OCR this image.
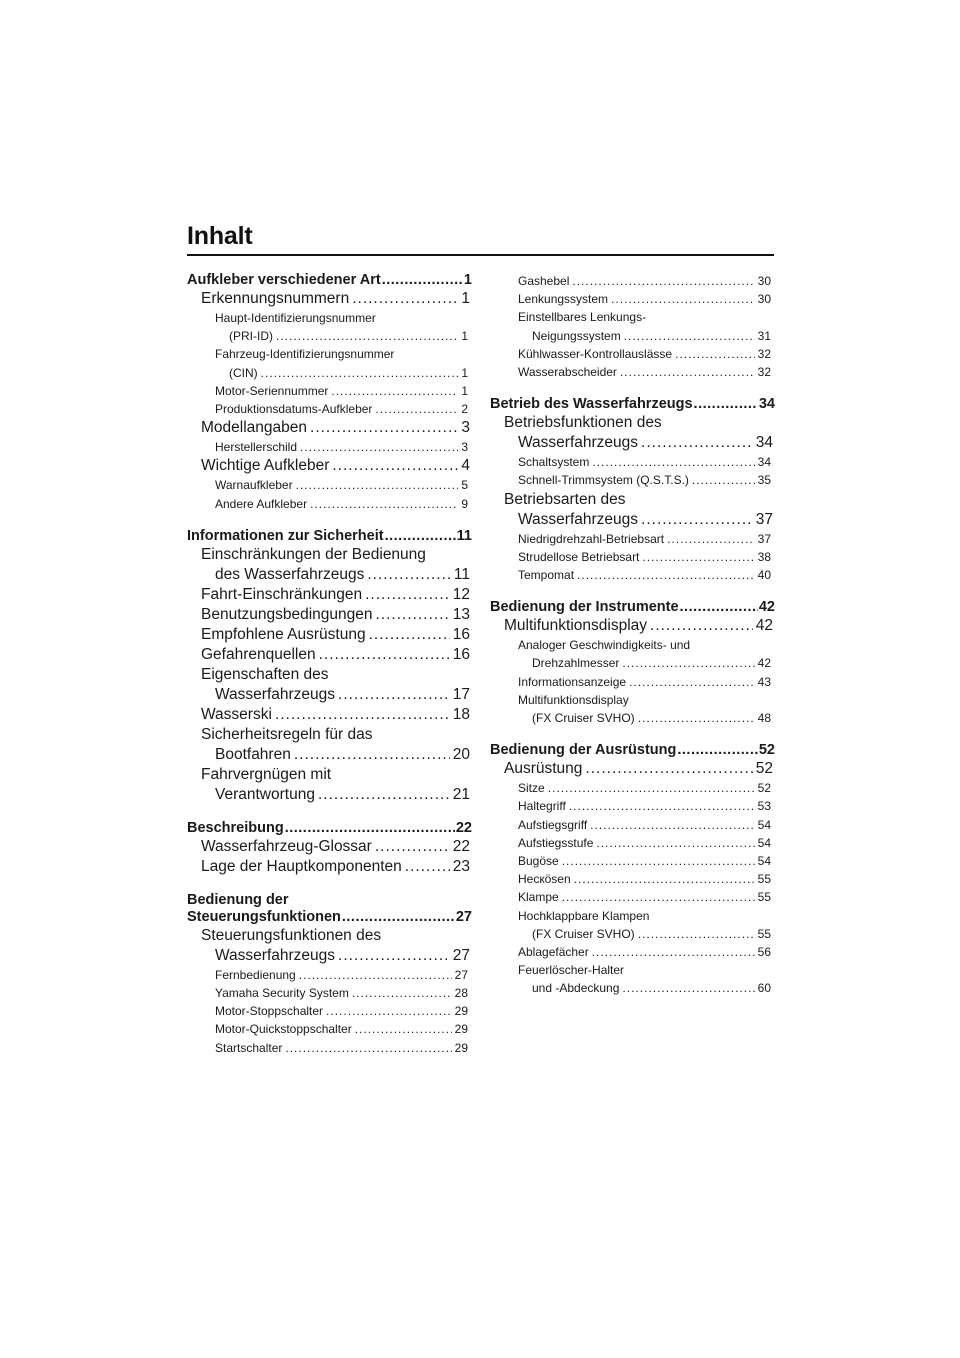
Inhalt
Aufkleber verschiedener Art .....	1
Erkennungsnummern .....	1
Haupt-Identifizierungsnummer
(PRI-ID) .....	1
Fahrzeug-Identifizierungsnummer
(CIN) .....	1
Motor-Seriennummer .....	1
Produktionsdatums-Aufkleber .....	2
Modellangaben .....	3
Herstellerschild .....	3
Wichtige Aufkleber .....	4
Warnaufkleber .....	5
Andere Aufkleber .....	9
Informationen zur Sicherheit .....	11
Einschränkungen der Bedienung
des Wasserfahrzeugs .....	11
Fahrt-Einschränkungen .....	12
Benutzungsbedingungen .....	13
Empfohlene Ausrüstung .....	16
Gefahrenquellen .....	16
Eigenschaften des
Wasserfahrzeugs .....	17
Wasserski .....	18
Sicherheitsregeln für das
Bootfahren .....	20
Fahrvergnügen mit
Verantwortung .....	21
Beschreibung .....	22
Wasserfahrzeug-Glossar .....	22
Lage der Hauptkomponenten .....	23
Bedienung der
Steuerungsfunktionen .....	27
Steuerungsfunktionen des
Wasserfahrzeugs .....	27
Fernbedienung .....	27
Yamaha Security System .....	28
Motor-Stoppschalter .....	29
Motor-Quickstoppschalter .....	29
Startschalter .....	29
Gashebel .....	30
Lenkungssystem .....	30
Einstellbares Lenkungs-
Neigungssystem .....	31
Kühlwasser-Kontrollauslässe .....	32
Wasserabscheider .....	32
Betrieb des Wasserfahrzeugs .....	34
Betriebsfunktionen des
Wasserfahrzeugs .....	34
Schaltsystem .....	34
Schnell-Trimmsystem (Q.S.T.S.) .....	35
Betriebsarten des
Wasserfahrzeugs .....	37
Niedrigdrehzahl-Betriebsart .....	37
Strudellose Betriebsart .....	38
Tempomat .....	40
Bedienung der Instrumente .....	42
Multifunktionsdisplay .....	42
Analoger Geschwindigkeits- und
Drehzahlmesser .....	42
Informationsanzeige .....	43
Multifunktionsdisplay
(FX Cruiser SVHO) .....	48
Bedienung der Ausrüstung .....	52
Ausrüstung .....	52
Sitze .....	52
Haltegriff .....	53
Aufstiegsgriff .....	54
Aufstiegsstufe .....	54
Bugöse .....	54
Hecкösen .....	55
Klampe .....	55
Hochklappbare Klampen
(FX Cruiser SVHO) .....	55
Ablagefächer .....	56
Feuerlöscher-Halter
und -Abdeckung .....	60
